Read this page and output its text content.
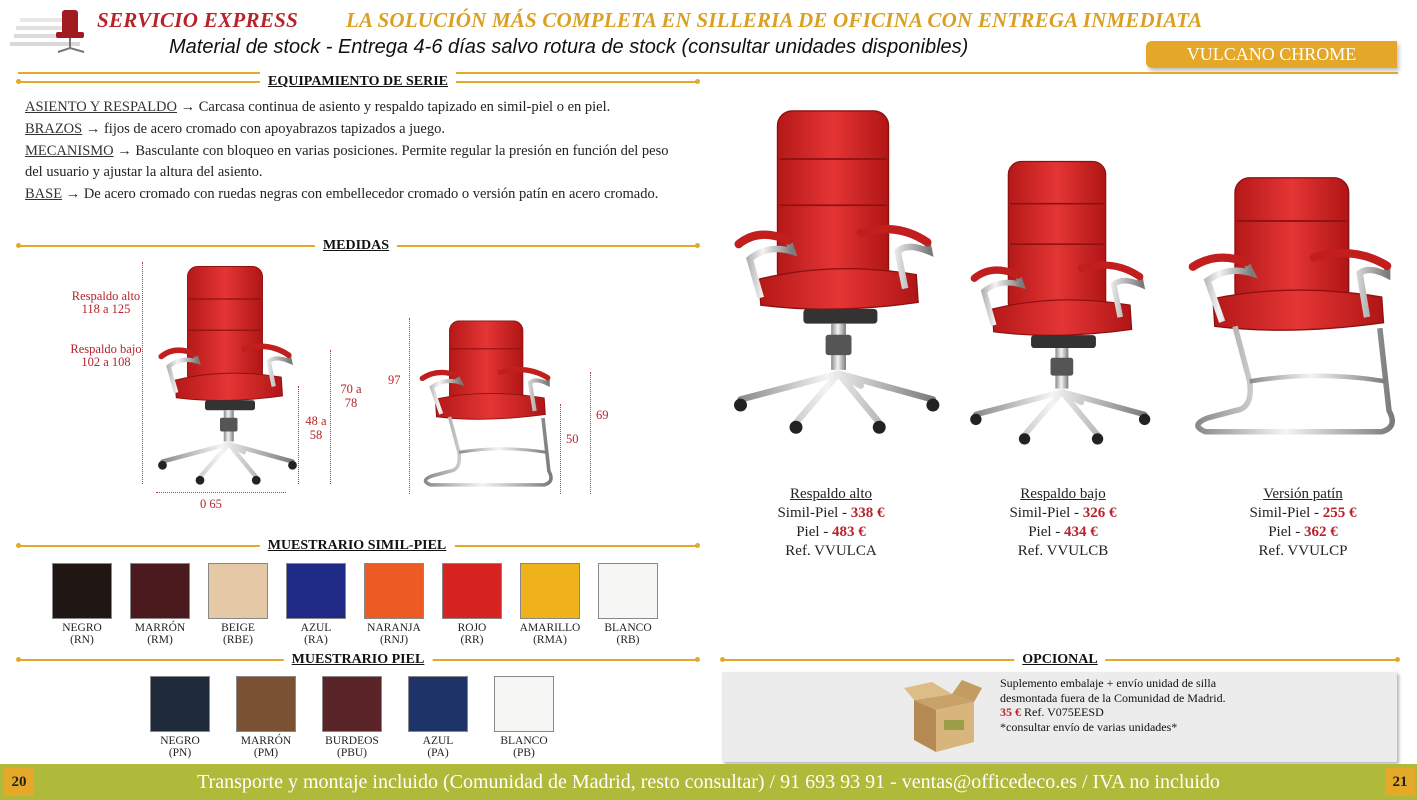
SERVICIO EXPRESS LA SOLUCIÓN MÁS COMPLETA EN SILLERIA DE OFICINA CON ENTREGA INMEDIATA
Material de stock - Entrega 4-6 días salvo rotura de stock (consultar unidades disponibles)	VULCANO CHROME
EQUIPAMIENTO DE SERIE

ASIENTO Y RESPALDO → Carcasa continua de asiento y respaldo tapizado en simil-piel o en piel.

BRAZOS → fijos de acero cromado con apoyabrazos tapizados a juego.

MECANISMO → Basculante con bloqueo en varias posiciones. Permite regular la presión en función del peso del usuario y ajustar la altura del asiento.

BASE → De acero cromado con ruedas negras con embellecedor cromado o versión patín en acero cromado.

MEDIDAS
Respaldo alto
118 a 125
Respaldo bajo
102 a 108
48 a 58
70 a 78
0 65
97
50
69
MUESTRARIO SIMIL-PIEL
NEGRO
(RN)
MARRÓN
(RM)
BEIGE
(RBE)
AZUL
(RA)
NARANJA
(RNJ)
ROJO
(RR)
AMARILLO
(RMA)
BLANCO
(RB)
MUESTRARIO PIEL
NEGRO
(PN)
MARRÓN
(PM)
BURDEOS
(PBU)
AZUL
(PA)
BLANCO
(PB)
Respaldo alto
Simil-Piel - 338 €
Piel - 483 €
Ref. VVULCA
Respaldo bajo
Simil-Piel - 326 €
Piel - 434 €
Ref. VVULCB
Versión patín
Simil-Piel - 255 €
Piel - 362 €
Ref. VVULCP
OPCIONAL
Suplemento embalaje + envío unidad de silla desmontada fuera de la Comunidad de Madrid.
35 € Ref. V075EESD
*consultar envío de varias unidades*
Transporte y montaje incluido (Comunidad de Madrid, resto consultar) / 91 693 93 91 - ventas@officedeco.es / IVA no incluido
20	21
